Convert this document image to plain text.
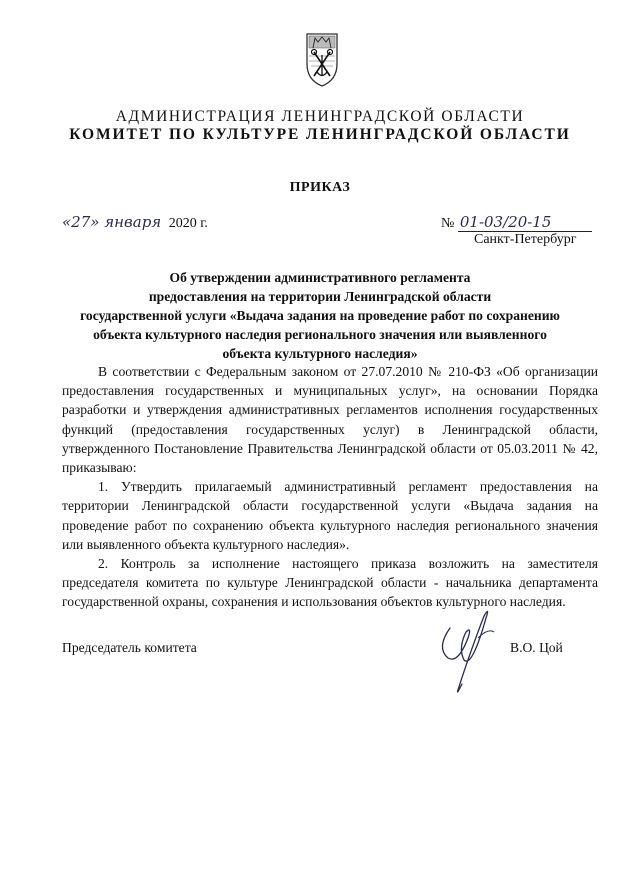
АДМИНИСТРАЦИЯ ЛЕНИНГРАДСКОЙ ОБЛАСТИ
КОМИТЕТ ПО КУЛЬТУРЕ ЛЕНИНГРАДСКОЙ ОБЛАСТИ
ПРИКАЗ
«27» января 2020 г.	№ 01-03/20-15
Санкт-Петербург
Об утверждении административного регламента
предоставления на территории Ленинградской области
государственной услуги «Выдача задания на проведение работ по сохранению
объекта культурного наследия регионального значения или выявленного
объекта культурного наследия»

В соответствии с Федеральным законом от 27.07.2010 № 210-ФЗ «Об организации предоставления государственных и муниципальных услуг», на основании Порядка разработки и утверждения административных регламентов исполнения государственных функций (предоставления государственных услуг) в Ленинградской области, утвержденного Постановление Правительства Ленинградской области от 05.03.2011 № 42, приказываю:

1. Утвердить прилагаемый административный регламент предоставления на территории Ленинградской области государственной услуги «Выдача задания на проведение работ по сохранению объекта культурного наследия регионального значения или выявленного объекта культурного наследия».

2. Контроль за исполнение настоящего приказа возложить на заместителя председателя комитета по культуре Ленинградской области - начальника департамента государственной охраны, сохранения и использования объектов культурного наследия.

Председатель комитета	В.О. Цой
